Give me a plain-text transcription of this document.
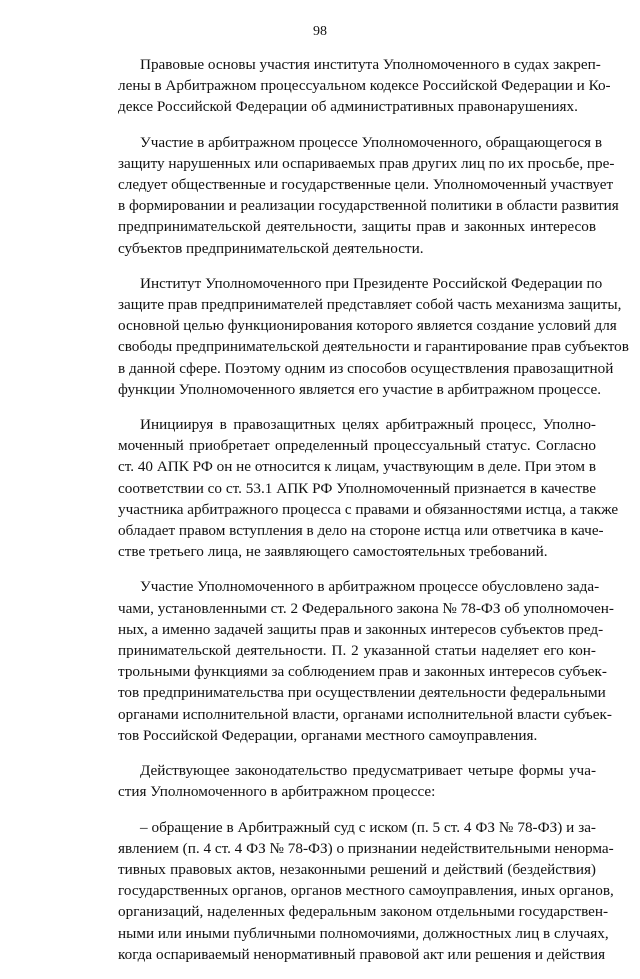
98

Правовые основы участия института Уполномоченного в судах закреп-
лены в Арбитражном процессуальном кодексе Российской Федерации и Ко-
дексе Российской Федерации об административных правонарушениях.

Участие в арбитражном процессе Уполномоченного, обращающегося в
защиту нарушенных или оспариваемых прав других лиц по их просьбе, пре-
следует общественные и государственные цели. Уполномоченный участвует
в формировании и реализации государственной политики в области развития
предпринимательской деятельности, защиты прав и законных интересов
субъектов предпринимательской деятельности.

Институт Уполномоченного при Президенте Российской Федерации по
защите прав предпринимателей представляет собой часть механизма защиты,
основной целью функционирования которого является создание условий для
свободы предпринимательской деятельности и гарантирование прав субъектов
в данной сфере. Поэтому одним из способов осуществления правозащитной
функции Уполномоченного является его участие в арбитражном процессе.

Инициируя в правозащитных целях арбитражный процесс, Уполно-
моченный приобретает определенный процессуальный статус. Согласно
ст. 40 АПК РФ он не относится к лицам, участвующим в деле. При этом в
соответствии со ст. 53.1 АПК РФ Уполномоченный признается в качестве
участника арбитражного процесса с правами и обязанностями истца, а также
обладает правом вступления в дело на стороне истца или ответчика в каче-
стве третьего лица, не заявляющего самостоятельных требований.

Участие Уполномоченного в арбитражном процессе обусловлено зада-
чами, установленными ст. 2 Федерального закона № 78-ФЗ об уполномочен-
ных, а именно задачей защиты прав и законных интересов субъектов пред-
принимательской деятельности. П. 2 указанной статьи наделяет его кон-
трольными функциями за соблюдением прав и законных интересов субъек-
тов предпринимательства при осуществлении деятельности федеральными
органами исполнительной власти, органами исполнительной власти субъек-
тов Российской Федерации, органами местного самоуправления.

Действующее законодательство предусматривает четыре формы уча-
стия Уполномоченного в арбитражном процессе:

– обращение в Арбитражный суд с иском (п. 5 ст. 4 ФЗ № 78-ФЗ) и за-
явлением (п. 4 ст. 4 ФЗ № 78-ФЗ) о признании недействительными ненорма-
тивных правовых актов, незаконными решений и действий (бездействия)
государственных органов, органов местного самоуправления, иных органов,
организаций, наделенных федеральным законом отдельными государствен-
ными или иными публичными полномочиями, должностных лиц в случаях,
когда оспариваемый ненормативный правовой акт или решения и действия
